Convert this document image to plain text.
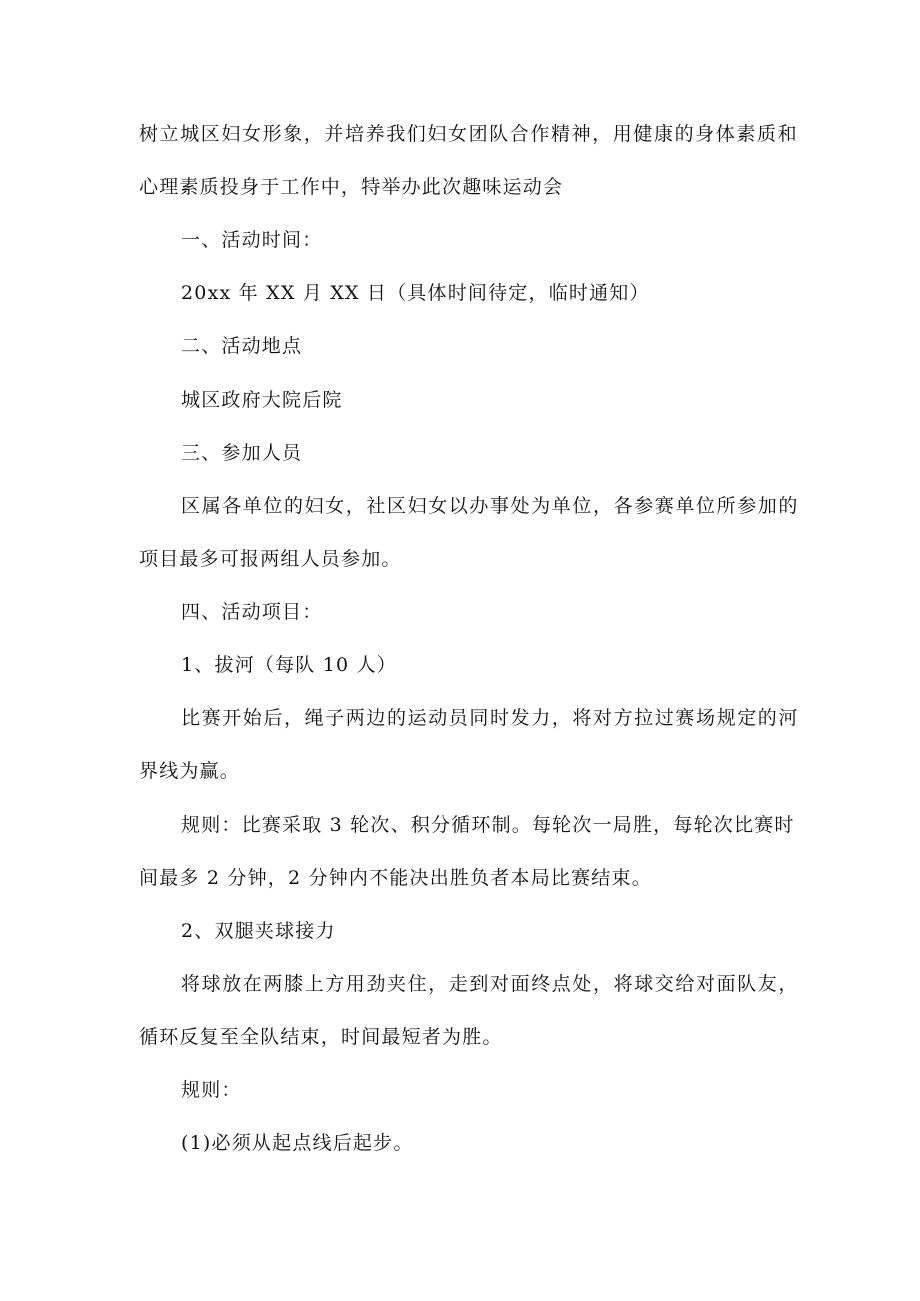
树立城区妇女形象，并培养我们妇女团队合作精神，用健康的身体素质和
心理素质投身于工作中，特举办此次趣味运动会
一、活动时间：
20xx 年 XX 月 XX 日（具体时间待定，临时通知）
二、活动地点
城区政府大院后院
三、参加人员
区属各单位的妇女，社区妇女以办事处为单位，各参赛单位所参加的
项目最多可报两组人员参加。
四、活动项目：
1、拔河（每队 10 人）
比赛开始后，绳子两边的运动员同时发力，将对方拉过赛场规定的河
界线为赢。
规则：比赛采取 3 轮次、积分循环制。每轮次一局胜，每轮次比赛时
间最多 2 分钟，2 分钟内不能决出胜负者本局比赛结束。
2、双腿夹球接力
将球放在两膝上方用劲夹住，走到对面终点处，将球交给对面队友，
循环反复至全队结束，时间最短者为胜。
规则：
(1)必须从起点线后起步。
